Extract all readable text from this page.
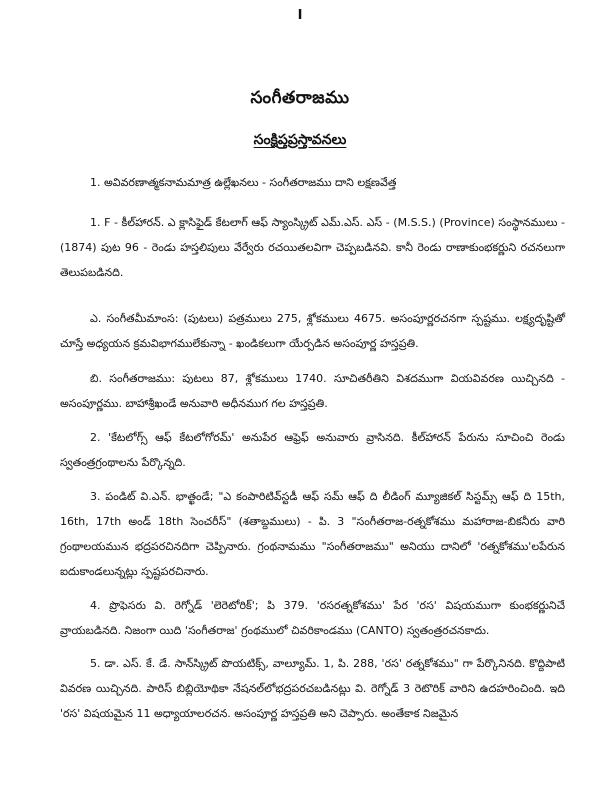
I
సంగీతరాజము
సంక్షిప్తప్రస్తావనలు
1. అవివరణాత్మకనామమాత్ర ఉల్లేఖనలు - సంగీతరాజము దాని లక్షణవేత్త
1. F - కీల్‌హారన్. ఎ క్లాసిఫైడ్ కేటలాగ్ ఆఫ్ స్యాంస్క్రిట్ ఎమ్.ఎస్. ఎస్ - (M.S.S.) (Province) సంస్థానములు - (1874) పుట 96 - రెండు హస్తలిపులు వేర్వేరు రచయితలవిగా చెప్పబడినవి. కానీ రెండు రాణాకుంభకర్ణుని రచనలుగా తెలుపబడినది.
ఎ. సంగీతమీమాంస: (పుటలు) పత్రములు 275, శ్లోకములు 4675. అసంపూర్ణరచనగా స్పష్టము. లక్ష్యదృష్టితో చూస్తే అధ్యయన క్రమవిభాగములేకున్నా - ఖండికలుగా యేర్పడిన అసంపూర్ణ హస్తప్రతి.
బి. సంగీతరాజము: పుటలు 87, శ్లోకములు 1740. సూచితరీతిని విశదముగా వియవివరణ యిచ్చినది - అసంపూర్ణము. బాహాశ్రీఖండే అనువారి అధీనముగ గల హస్తప్రతి.
2. 'కేటలోగ్స్ ఆఫ్ కేటలోగోరమ్' అనుపేర ఆఫ్రెఫ్ అనువారు వ్రాసినది. కీల్‌హారన్ పేరును సూచించి రెండు స్వతంత్రగ్రంథాలను పేర్కొన్నది.
3. పండిట్ వి.ఎన్. భాత్ఖండే; "ఎ కంపారిటివ్‌స్టడీ ఆఫ్ సమ్ ఆఫ్ ది లీడింగ్ మ్యూజికల్ సిస్టమ్స్ ఆఫ్ ది 15th, 16th, 17th అండ్ 18th సెంచరీస్" (శతాబ్దములు) - పి. 3 "సంగీతరాజ-రత్నకోశము మహారాజ-బికనీరు వారి గ్రంథాలయమున భద్రపరచినదిగా చెప్పినారు. గ్రంథనామము "సంగీతరాజము" అనియు దానిలో 'రత్నకోశము'లపేరున ఐదుకాండలున్నట్లు స్పష్టపరచినారు.
4. ప్రొఫెసరు వి. రెగ్నోడ్ 'లెరెటోరిక్'; పి 379. 'రసరత్నకోశము' పేర 'రస' విషయముగా కుంభకర్ణునిచే వ్రాయబడినది. నిజంగా యిది 'సంగీతరాజ' గ్రంథములో చివరికాండము (CANTO) స్వతంత్రరచనకాదు.
5. డా. ఎస్. కే. డే. సాన్‌స్క్రిట్ పొయటిక్స్, వాల్యూమ్. 1, పి. 288, 'రస' రత్నకోశము" గా పేర్కొనినది. కొద్దిపాటి వివరణ యిచ్చినది. పారిస్ బిబ్లియోథికా నేషనల్‌లోభద్రపరచబడినట్లు వి. రెగ్నోడ్ 3 రెటొరిక్ వారిని ఉదహరించింది. ఇది 'రస' విషయమైన 11 అధ్యాయాలరచన. అసంపూర్ణ హస్తప్రతి అని చెప్పారు. అంతేకాక నిజమైన
